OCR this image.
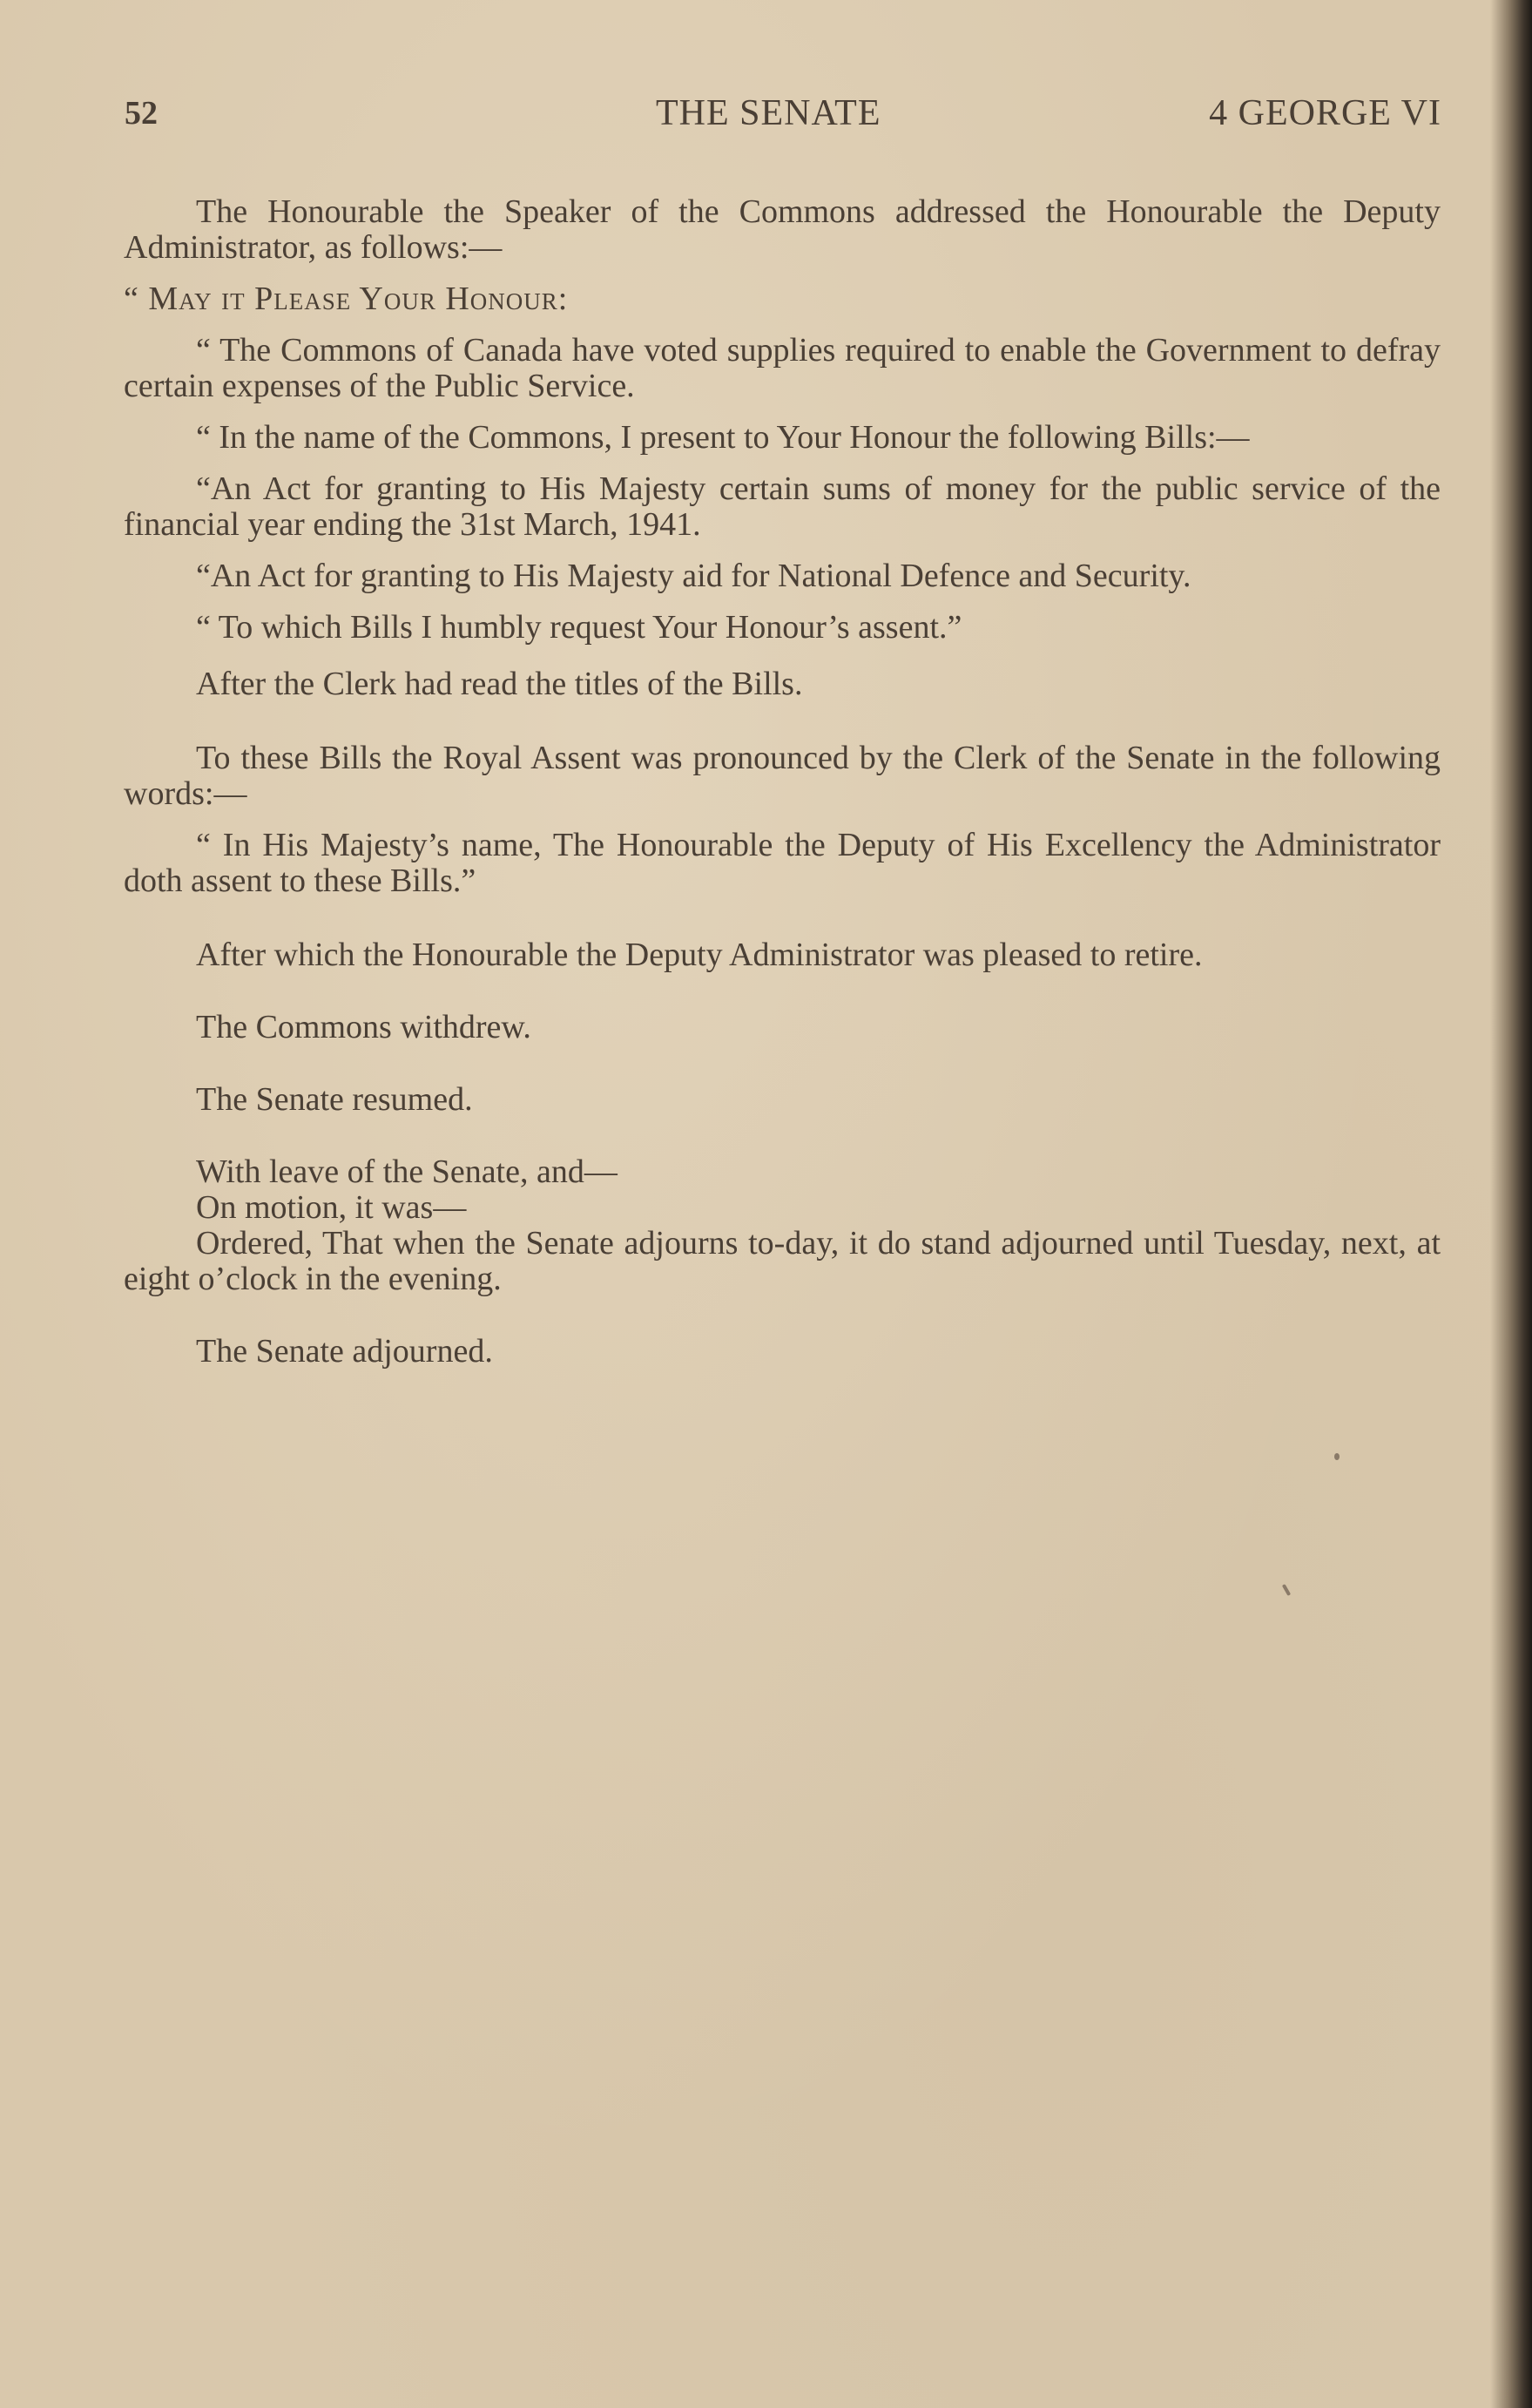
52	THE SENATE	4 GEORGE VI

The Honourable the Speaker of the Commons addressed the Honourable the Deputy Administrator, as follows:—

“ May it Please Your Honour:

“ The Commons of Canada have voted supplies required to enable the Government to defray certain expenses of the Public Service.

“ In the name of the Commons, I present to Your Honour the following Bills:—

“An Act for granting to His Majesty certain sums of money for the public service of the financial year ending the 31st March, 1941.

“An Act for granting to His Majesty aid for National Defence and Security.

“ To which Bills I humbly request Your Honour’s assent.”

After the Clerk had read the titles of the Bills.

To these Bills the Royal Assent was pronounced by the Clerk of the Senate in the following words:—

“ In His Majesty’s name, The Honourable the Deputy of His Excellency the Administrator doth assent to these Bills.”

After which the Honourable the Deputy Administrator was pleased to retire.

The Commons withdrew.

The Senate resumed.

With leave of the Senate, and—

On motion, it was—

Ordered, That when the Senate adjourns to-day, it do stand adjourned until Tuesday, next, at eight o’clock in the evening.

The Senate adjourned.
